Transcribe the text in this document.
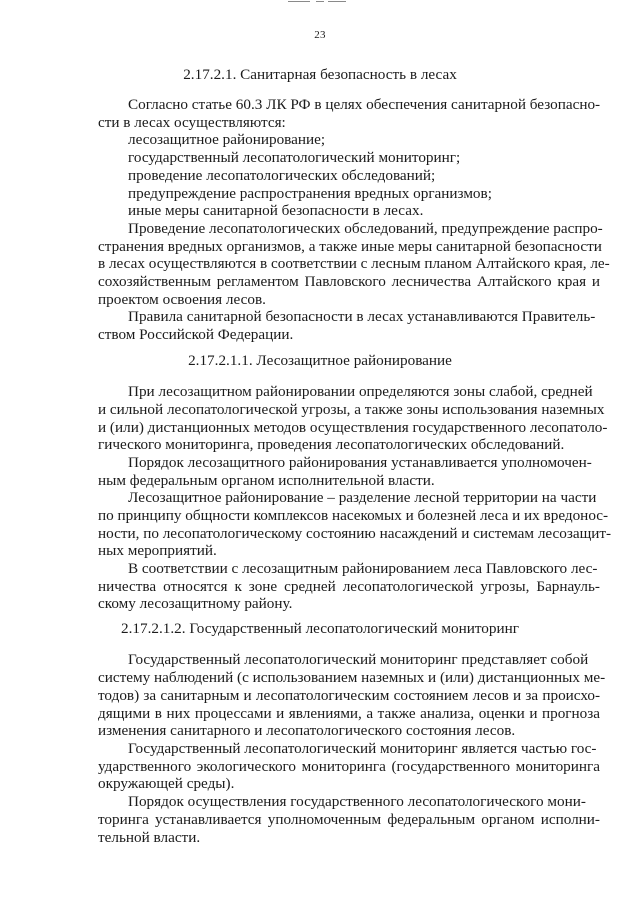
23
2.17.2.1. Санитарная безопасность в лесах
Согласно статье 60.3 ЛК РФ в целях обеспечения санитарной безопасно-
сти в лесах осуществляются:
лесозащитное районирование;
государственный лесопатологический мониторинг;
проведение лесопатологических обследований;
предупреждение распространения вредных организмов;
иные меры санитарной безопасности в лесах.
Проведение лесопатологических обследований, предупреждение распро-
странения вредных организмов, а также иные меры санитарной безопасности
в лесах осуществляются в соответствии с лесным планом Алтайского края, ле-
сохозяйственным регламентом Павловского лесничества Алтайского края и
проектом освоения лесов.
Правила санитарной безопасности в лесах устанавливаются Правитель-
ством Российской Федерации.
2.17.2.1.1. Лесозащитное районирование
При лесозащитном районировании определяются зоны слабой, средней
и сильной лесопатологической угрозы, а также зоны использования наземных
и (или) дистанционных методов осуществления государственного лесопатоло-
гического мониторинга, проведения лесопатологических обследований.
Порядок лесозащитного районирования устанавливается уполномочен-
ным федеральным органом исполнительной власти.
Лесозащитное районирование – разделение лесной территории на части
по принципу общности комплексов насекомых и болезней леса и их вредонос-
ности, по лесопатологическому состоянию насаждений и системам лесозащит-
ных мероприятий.
В соответствии с лесозащитным районированием леса Павловского лес-
ничества относятся к зоне средней лесопатологической угрозы, Барнауль-
скому лесозащитному району.
2.17.2.1.2. Государственный лесопатологический мониторинг
Государственный лесопатологический мониторинг представляет собой
систему наблюдений (с использованием наземных и (или) дистанционных ме-
тодов) за санитарным и лесопатологическим состоянием лесов и за происхо-
дящими в них процессами и явлениями, а также анализа, оценки и прогноза
изменения санитарного и лесопатологического состояния лесов.
Государственный лесопатологический мониторинг является частью гос-
ударственного экологического мониторинга (государственного мониторинга
окружающей среды).
Порядок осуществления государственного лесопатологического мони-
торинга устанавливается уполномоченным федеральным органом исполни-
тельной власти.
